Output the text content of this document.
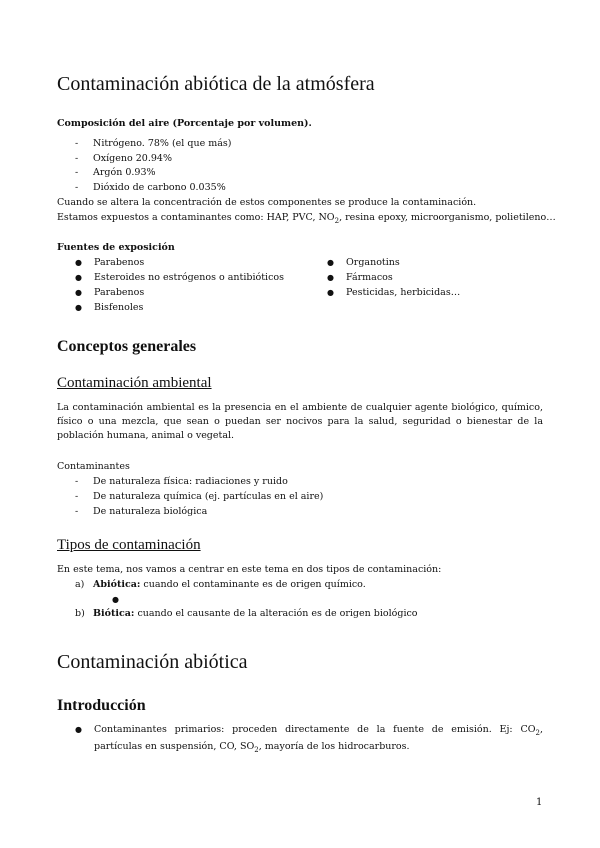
Contaminación abiótica de la atmósfera
Composición del aire (Porcentaje por volumen).
- Nitrógeno. 78% (el que más)
- Oxígeno 20.94%
- Argón 0.93%
- Dióxido de carbono 0.035%
Cuando se altera la concentración de estos componentes se produce la contaminación.
Estamos expuestos a contaminantes como: HAP, PVC, $NO_2$, resina epoxy, microorganismo, polietileno…
Fuentes de exposición
● Parabenos
● Esteroides no estrógenos o antibióticos
● Parabenos
● Bisfenoles
● Organotins
● Fármacos
● Pesticidas, herbicidas…
Conceptos generales
Contaminación ambiental
La contaminación ambiental es la presencia en el ambiente de cualquier agente biológico, químico, físico o una mezcla, que sean o puedan ser nocivos para la salud, seguridad o bienestar de la población humana, animal o vegetal.
Contaminantes
- De naturaleza física: radiaciones y ruido
- De naturaleza química (ej. partículas en el aire)
- De naturaleza biológica
Tipos de contaminación
En este tema, nos vamos a centrar en este tema en dos tipos de contaminación:
a) Abiótica: cuando el contaminante es de origen químico.
●
b) Biótica: cuando el causante de la alteración es de origen biológico
Contaminación abiótica
Introducción
●	Contaminantes primarios: proceden directamente de la fuente de emisión. Ej: $CO_2$, partículas en suspensión, CO, $SO_2$, mayoría de los hidrocarburos.
1
